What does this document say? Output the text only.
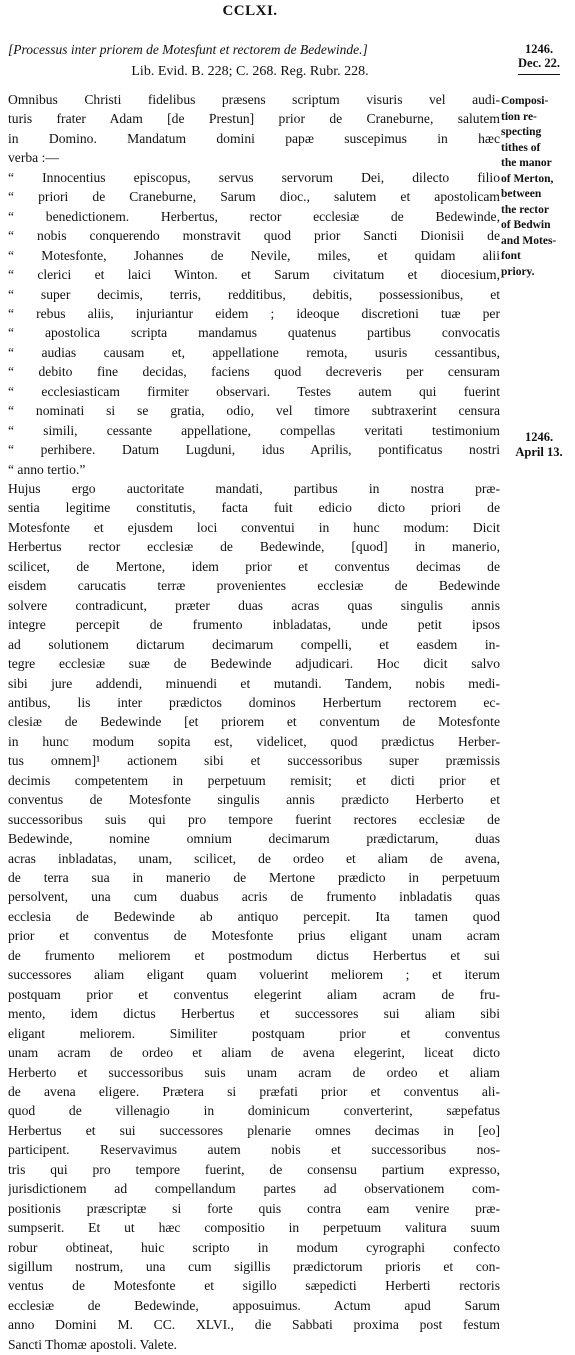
CCLXI.
[Processus inter priorem de Motesfunt et rectorem de Bedewinde.]
Lib. Evid. B. 228; C. 268. Reg. Rubr. 228.
1246.
Dec. 22.
Composi-
tion re-
specting
tithes of
the manor
of Merton,
between
the rector
of Bedwin
and Motes-
font
priory.
1246.
April 13.
Omnibus Christi fidelibus præsens scriptum visuris vel audi-
turis frater Adam [de Prestun] prior de Craneburne, salutem
in Domino. Mandatum domini papæ suscepimus in hæc
verba :—
“ Innocentius episcopus, servus servorum Dei, dilecto filio
“ priori de Craneburne, Sarum dioc., salutem et apostolicam
“ benedictionem. Herbertus, rector ecclesiæ de Bedewinde,
“ nobis conquerendo monstravit quod prior Sancti Dionisii de
“ Motesfonte, Johannes de Nevile, miles, et quidam alii
“ clerici et laici Winton. et Sarum civitatum et diocesium,
“ super decimis, terris, redditibus, debitis, possessionibus, et
“ rebus aliis, injuriantur eidem ; ideoque discretioni tuæ per
“ apostolica scripta mandamus quatenus partibus convocatis
“ audias causam et, appellatione remota, usuris cessantibus,
“ debito fine decidas, faciens quod decreveris per censuram
“ ecclesiasticam firmiter observari. Testes autem qui fuerint
“ nominati si se gratia, odio, vel timore subtraxerint censura
“ simili, cessante appellatione, compellas veritati testimonium
“ perhibere. Datum Lugduni, idus Aprilis, pontificatus nostri
“ anno tertio.”
Hujus ergo auctoritate mandati, partibus in nostra præ-
sentia legitime constitutis, facta fuit edicio dicto priori de
Motesfonte et ejusdem loci conventui in hunc modum: Dicit
Herbertus rector ecclesiæ de Bedewinde, [quod] in manerio,
scilicet, de Mertone, idem prior et conventus decimas de
eisdem carucatis terræ provenientes ecclesiæ de Bedewinde
solvere contradicunt, præter duas acras quas singulis annis
integre percepit de frumento inbladatas, unde petit ipsos
ad solutionem dictarum decimarum compelli, et easdem in-
tegre ecclesiæ suæ de Bedewinde adjudicari. Hoc dicit salvo
sibi jure addendi, minuendi et mutandi. Tandem, nobis medi-
antibus, lis inter prædictos dominos Herbertum rectorem ec-
clesiæ de Bedewinde [et priorem et conventum de Motesfonte
in hunc modum sopita est, videlicet, quod prædictus Herber-
tus omnem]¹ actionem sibi et successoribus super præmissis
decimis competentem in perpetuum remisit; et dicti prior et
conventus de Motesfonte singulis annis prædicto Herberto et
successoribus suis qui pro tempore fuerint rectores ecclesiæ de
Bedewinde, nomine omnium decimarum prædictarum, duas
acras inbladatas, unam, scilicet, de ordeo et aliam de avena,
de terra sua in manerio de Mertone prædicto in perpetuum
persolvent, una cum duabus acris de frumento inbladatis quas
ecclesia de Bedewinde ab antiquo percepit. Ita tamen quod
prior et conventus de Motesfonte prius eligant unam acram
de frumento meliorem et postmodum dictus Herbertus et sui
successores aliam eligant quam voluerint meliorem ; et iterum
postquam prior et conventus elegerint aliam acram de fru-
mento, idem dictus Herbertus et successores sui aliam sibi
eligant meliorem. Similiter postquam prior et conventus
unam acram de ordeo et aliam de avena elegerint, liceat dicto
Herberto et successoribus suis unam acram de ordeo et aliam
de avena eligere. Prætera si præfati prior et conventus ali-
quod de villenagio in dominicum converterint, sæpefatus
Herbertus et sui successores plenarie omnes decimas in [eo]
participent. Reservavimus autem nobis et successoribus nos-
tris qui pro tempore fuerint, de consensu partium expresso,
jurisdictionem ad compellandum partes ad observationem com-
positionis præscriptæ si forte quis contra eam venire præ-
sumpserit. Et ut hæc compositio in perpetuum valitura suum
robur obtineat, huic scripto in modum cyrographi confecto
sigillum nostrum, una cum sigillis prædictorum prioris et con-
ventus de Motesfonte et sigillo sæpedicti Herberti rectoris
ecclesiæ de Bedewinde, apposuimus. Actum apud Sarum
anno Domini M. CC. XLVI., die Sabbati proxima post festum
Sancti Thomæ apostoli. Valete.
